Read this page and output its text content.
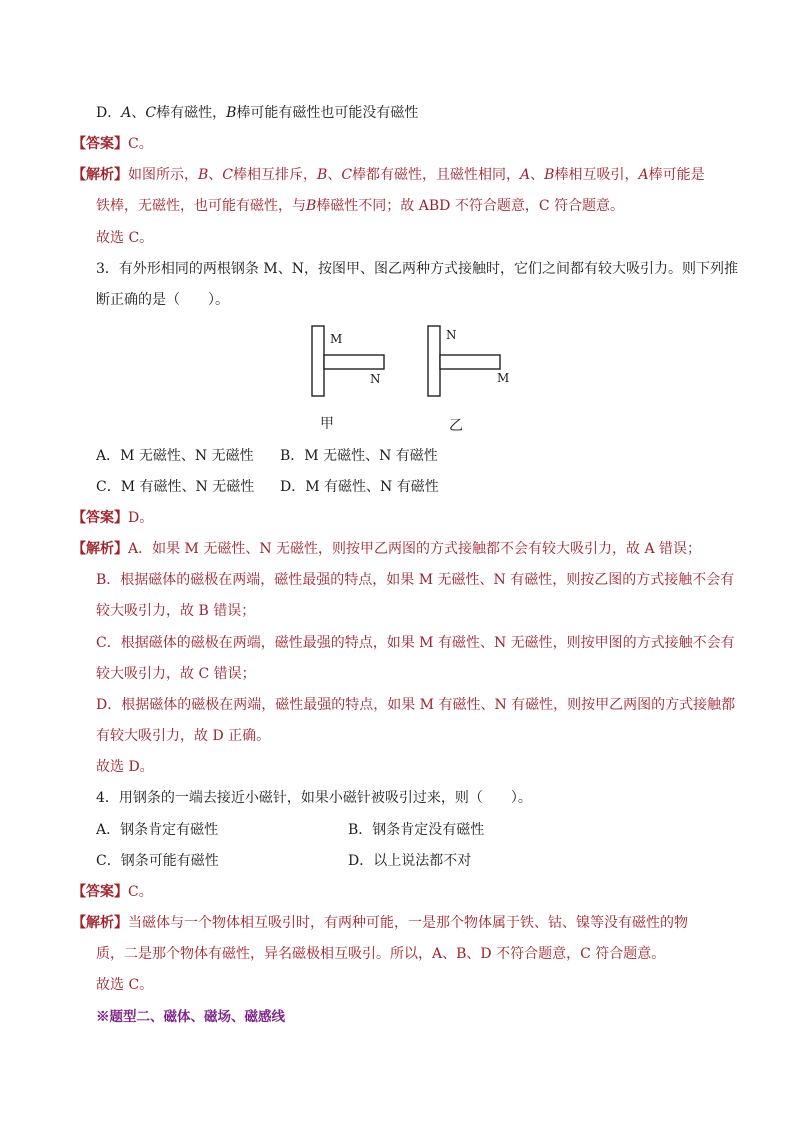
D．A、C棒有磁性，B棒可能有磁性也可能没有磁性
【答案】C。
【解析】如图所示，B、C棒相互排斥，B、C棒都有磁性，且磁性相同，A、B棒相互吸引，A棒可能是
铁棒，无磁性，也可能有磁性，与B棒磁性不同；故 ABD 不符合题意，C 符合题意。
故选 C。
3．有外形相同的两根钢条 M、N，按图甲、图乙两种方式接触时，它们之间都有较大吸引力。则下列推
断正确的是（　　）。
M
N
N
M
甲	乙
A．M 无磁性、N 无磁性 B．M 无磁性、N 有磁性
C．M 有磁性、N 无磁性 D．M 有磁性、N 有磁性
【答案】D。
【解析】A．如果 M 无磁性、N 无磁性，则按甲乙两图的方式接触都不会有较大吸引力，故 A 错误；
B．根据磁体的磁极在两端，磁性最强的特点，如果 M 无磁性、N 有磁性，则按乙图的方式接触不会有
较大吸引力，故 B 错误；
C．根据磁体的磁极在两端，磁性最强的特点，如果 M 有磁性、N 无磁性，则按甲图的方式接触不会有
较大吸引力，故 C 错误；
D．根据磁体的磁极在两端，磁性最强的特点，如果 M 有磁性、N 有磁性，则按甲乙两图的方式接触都
有较大吸引力，故 D 正确。
故选 D。
4．用钢条的一端去接近小磁针，如果小磁针被吸引过来，则（　　）。
A．钢条肯定有磁性	B．钢条肯定没有磁性
C．钢条可能有磁性	D．以上说法都不对
【答案】C。
【解析】当磁体与一个物体相互吸引时，有两种可能，一是那个物体属于铁、钴、镍等没有磁性的物
质，二是那个物体有磁性，异名磁极相互吸引。所以，A、B、D 不符合题意，C 符合题意。
故选 C。
※题型二、磁体、磁场、磁感线
